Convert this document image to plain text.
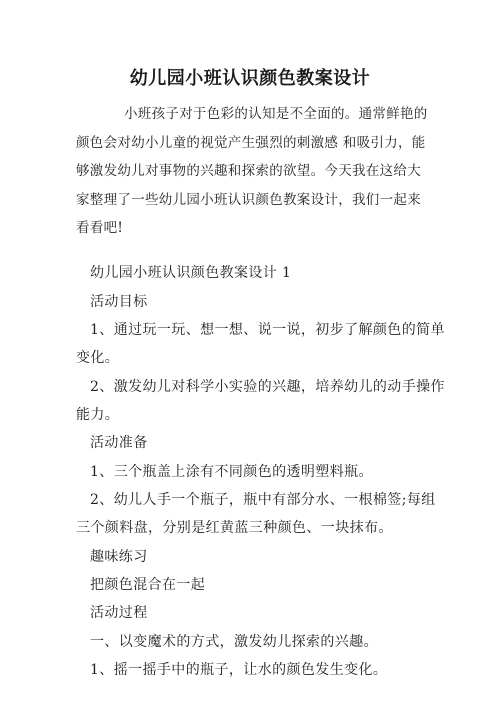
幼儿园小班认识颜色教案设计
小班孩子对于色彩的认知是不全面的。通常鲜艳的
颜色会对幼小儿童的视觉产生强烈的刺激感 和吸引力，能
够激发幼儿对事物的兴趣和探索的欲望。今天我在这给大
家整理了一些幼儿园小班认识颜色教案设计，我们一起来
看看吧!
幼儿园小班认识颜色教案设计 1
活动目标
1、通过玩一玩、想一想、说一说，初步了解颜色的简单
变化。
2、激发幼儿对科学小实验的兴趣，培养幼儿的动手操作
能力。
活动准备
1、三个瓶盖上涂有不同颜色的透明塑料瓶。
2、幼儿人手一个瓶子，瓶中有部分水、一根棉签;每组
三个颜料盘，分别是红黄蓝三种颜色、一块抹布。
趣味练习
把颜色混合在一起
活动过程
一、以变魔术的方式，激发幼儿探索的兴趣。
1、摇一摇手中的瓶子，让水的颜色发生变化。
